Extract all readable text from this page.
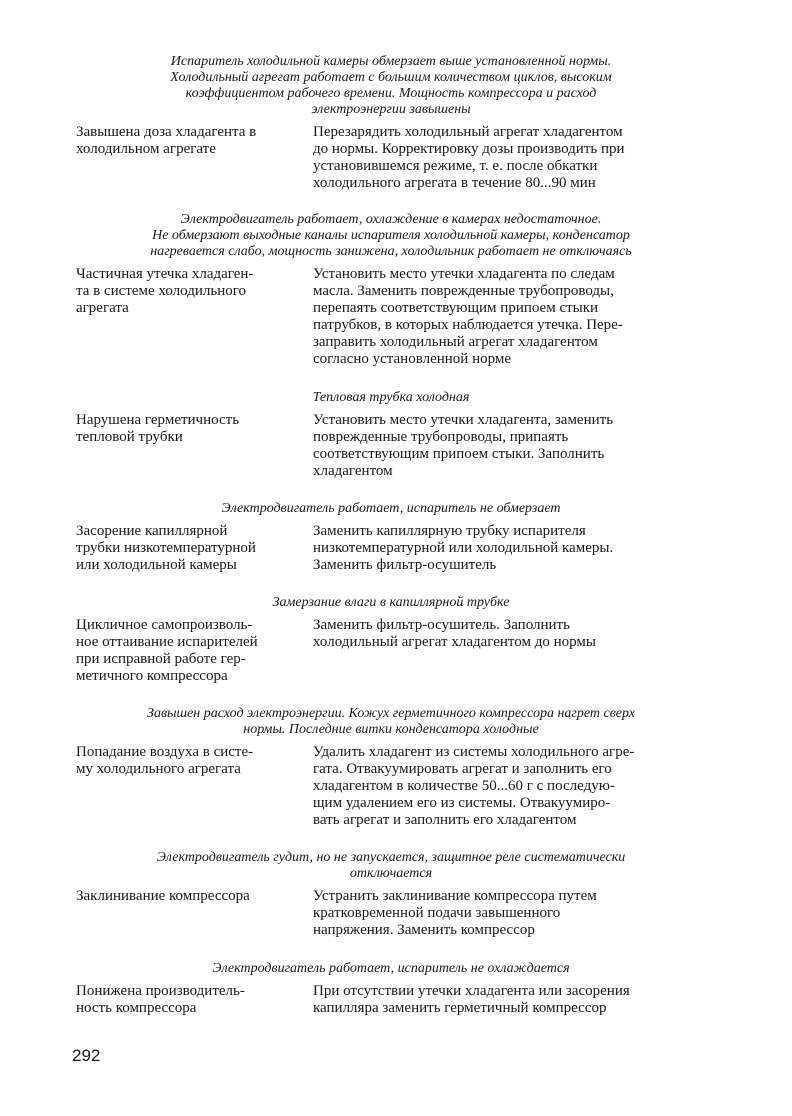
Испаритель холодильной камеры обмерзает выше установленной нормы.
Холодильный агрегат работает с большим количеством циклов, высоким
коэффициентом рабочего времени. Мощность компрессора и расход
электроэнергии завышены

Завышена доза хладагента в
холодильном агрегате
Перезарядить холодильный агрегат хладагентом
до нормы. Корректировку дозы производить при
установившемся режиме, т. е. после обкатки
холодильного агрегата в течение 80...90 мин

Электродвигатель работает, охлаждение в камерах недостаточное.
Не обмерзают выходные каналы испарителя холодильной камеры, конденсатор
нагревается слабо, мощность занижена, холодильник работает не отключаясь

Частичная утечка хладаген-
та в системе холодильного
агрегата
Установить место утечки хладагента по следам
масла. Заменить поврежденные трубопроводы,
перепаять соответствующим припоем стыки
патрубков, в которых наблюдается утечка. Пере-
заправить холодильный агрегат хладагентом
согласно установленной норме

Тепловая трубка холодная

Нарушена герметичность
тепловой трубки
Установить место утечки хладагента, заменить
поврежденные трубопроводы, припаять
соответствующим припоем стыки. Заполнить
хладагентом

Электродвигатель работает, испаритель не обмерзает

Засорение капиллярной
трубки низкотемпературной
или холодильной камеры
Заменить капиллярную трубку испарителя
низкотемпературной или холодильной камеры.
Заменить фильтр-осушитель

Замерзание влаги в капиллярной трубке

Цикличное самопроизволь-
ное оттаивание испарителей
при исправной работе гер-
метичного компрессора
Заменить фильтр-осушитель. Заполнить
холодильный агрегат хладагентом до нормы

Завышен расход электроэнергии. Кожух герметичного компрессора нагрет сверх
нормы. Последние витки конденсатора холодные

Попадание воздуха в систе-
му холодильного агрегата
Удалить хладагент из системы холодильного агре-
гата. Отвакуумировать агрегат и заполнить его
хладагентом в количестве 50...60 г с последую-
щим удалением его из системы. Отвакуумиро-
вать агрегат и заполнить его хладагентом

Электродвигатель гудит, но не запускается, защитное реле систематически
отключается

Заклинивание компрессора	Устранить заклинивание компрессора путем
кратковременной подачи завышенного
напряжения. Заменить компрессор

Электродвигатель работает, испаритель не охлаждается

Понижена производитель-
ность компрессора
При отсутствии утечки хладагента или засорения
капилляра заменить герметичный компрессор
292
